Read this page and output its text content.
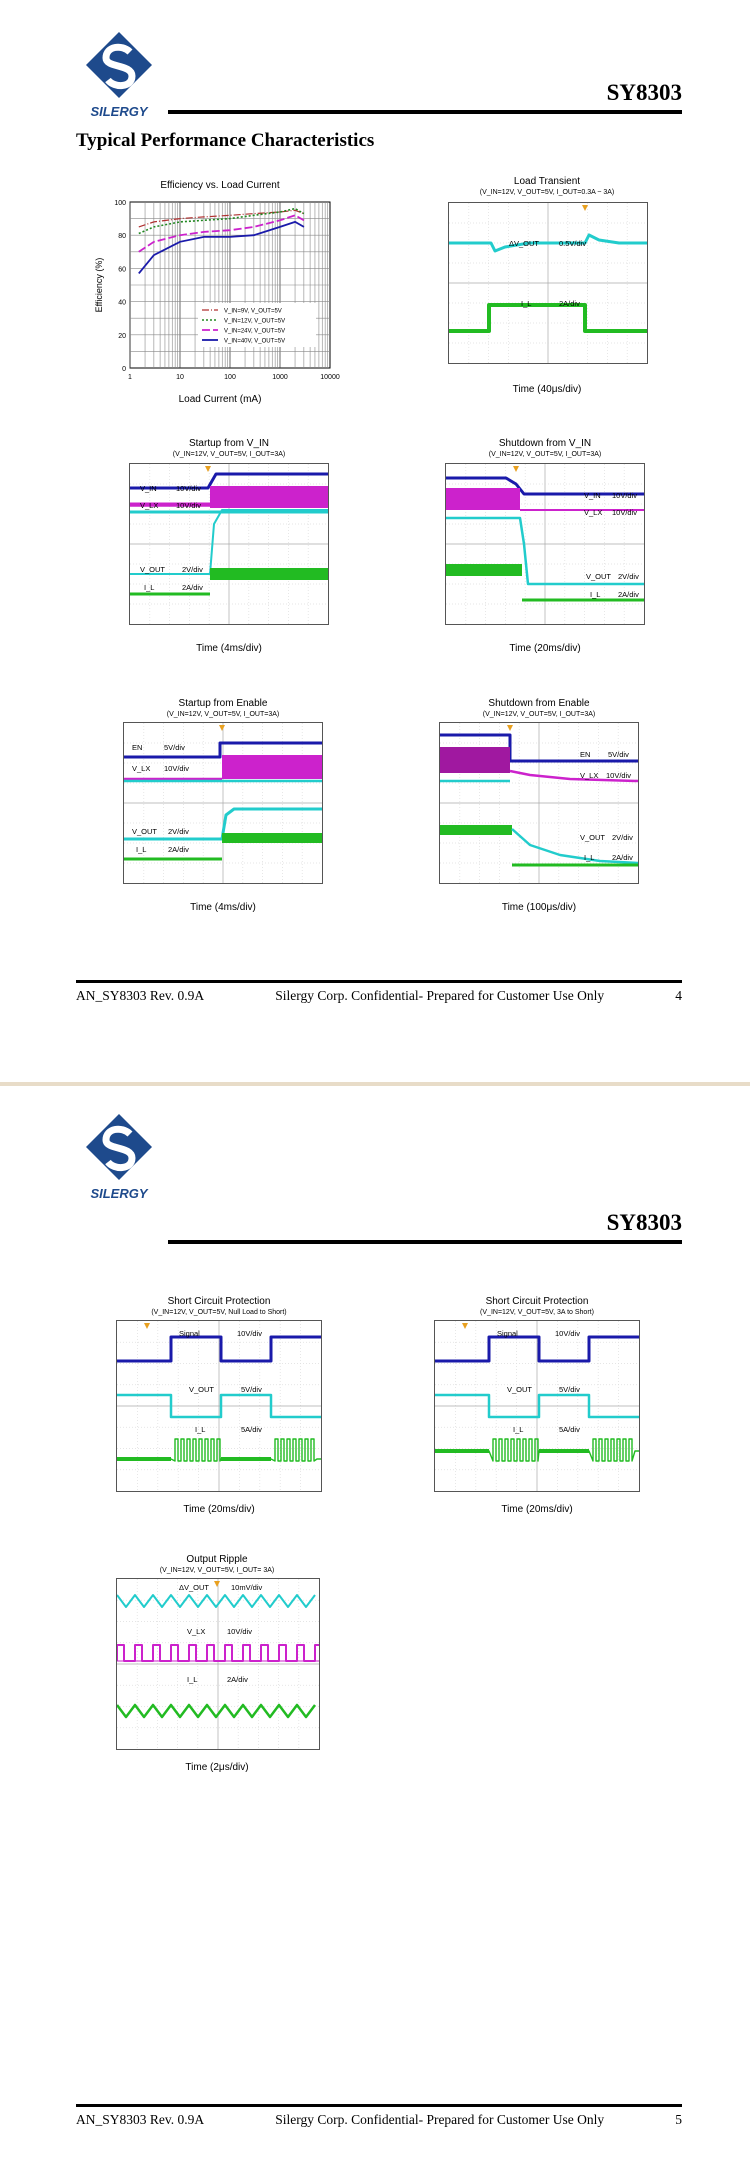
SILERGY
SY8303
Typical Performance Characteristics
Efficiency vs. Load Current
0
20
40
60
80
100
1	10	100	1000	10000
Efficiency (%)	V_IN=9V, V_OUT=5V
V_IN=12V, V_OUT=5V
V_IN=24V, V_OUT=5V
V_IN=40V, V_OUT=5V
Load Current (mA)
Load Transient
(V_IN=12V, V_OUT=5V, I_OUT=0.3A ~ 3A)
ΔV_OUT	0.5V/div
I_L	2A/div
Time (40μs/div)
Startup from V_IN
(V_IN=12V, V_OUT=5V, I_OUT=3A)
V_IN	10V/div
V_LX 10V/div
V_OUT 2V/div
I_L	2A/div
Time (4ms/div)
Shutdown from V_IN
(V_IN=12V, V_OUT=5V, I_OUT=3A)
V_IN 10V/div
V_LX 10V/div
V_OUT 2V/div
I_L 2A/div
Time (20ms/div)
Startup from Enable
(V_IN=12V, V_OUT=5V, I_OUT=3A)
EN	5V/div
V_LX 10V/div
V_OUT 2V/div
I_L	2A/div
Time (4ms/div)
Shutdown from Enable
(V_IN=12V, V_OUT=5V, I_OUT=3A)
EN 5V/div
V_LX 10V/div
V_OUT 2V/div
I_L 2A/div
Time (100μs/div)
AN_SY8303 Rev. 0.9A	Silergy Corp. Confidential- Prepared for Customer Use Only	4
SILERGY
SY8303
Short Circuit Protection
(V_IN=12V, V_OUT=5V, Null Load to Short)
Signal	10V/div
V_OUT	5V/div
I_L	5A/div
Time (20ms/div)
Short Circuit Protection
(V_IN=12V, V_OUT=5V, 3A to Short)
Signal	10V/div
V_OUT	5V/div
I_L	5A/div
Time (20ms/div)
Output Ripple
(V_IN=12V, V_OUT=5V, I_OUT= 3A)
ΔV_OUT	10mV/div
V_LX	10V/div
I_L	2A/div
Time (2μs/div)
AN_SY8303 Rev. 0.9A	Silergy Corp. Confidential- Prepared for Customer Use Only	5
